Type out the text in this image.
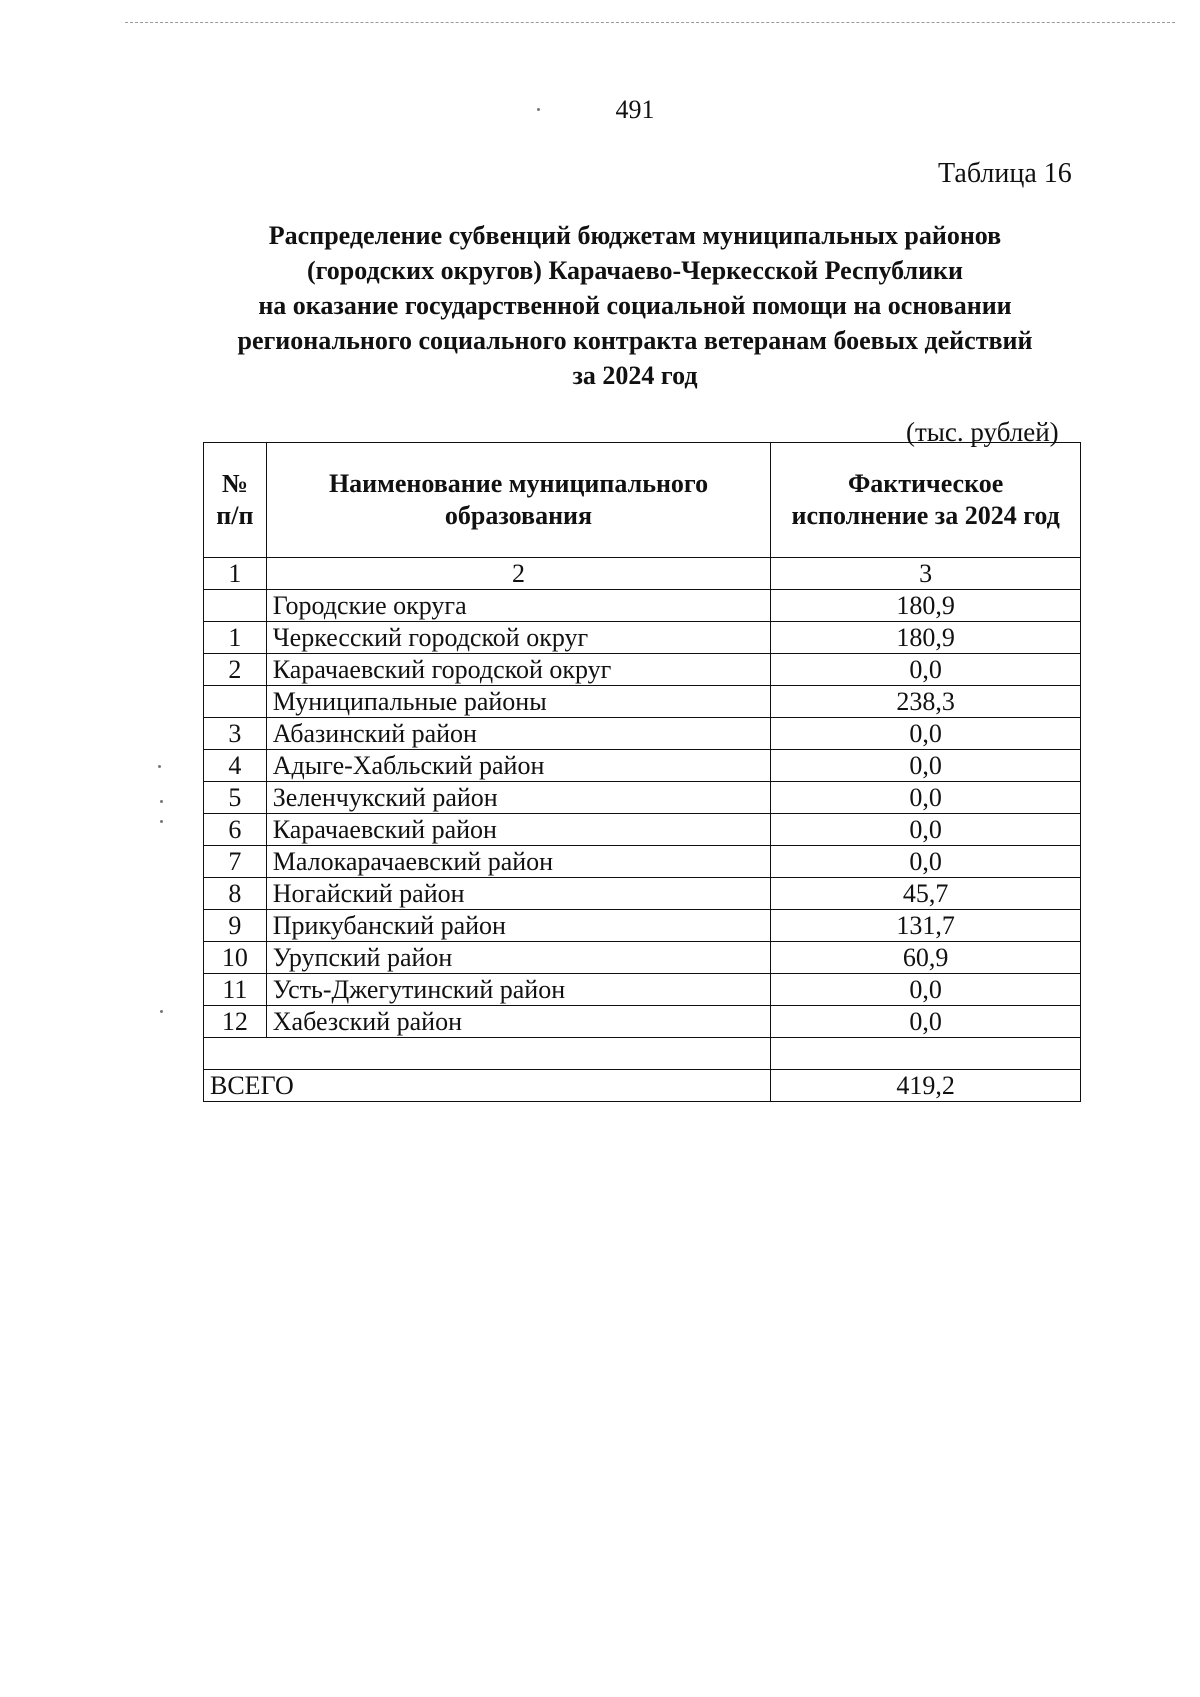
491
Таблица 16
Распределение субвенций бюджетам муниципальных районов
(городских округов) Карачаево-Черкесской Республики
на оказание государственной социальной помощи на основании
регионального социального контракта ветеранам боевых действий
за 2024 год
(тыс. рублей)
№ п/п	Наименование муниципального образования	Фактическое исполнение за 2024 год
1	2	3
	Городские округа	180,9
1	Черкесский городской округ	180,9
2	Карачаевский городской округ	0,0
	Муниципальные районы	238,3
3	Абазинский район	0,0
4	Адыге-Хабльский район	0,0
5	Зеленчукский район	0,0
6	Карачаевский район	0,0
7	Малокарачаевский район	0,0
8	Ногайский район	45,7
9	Прикубанский район	131,7
10	Урупский район	60,9
11	Усть-Джегутинский район	0,0
12	Хабезский район	0,0

ВСЕГО		419,2
